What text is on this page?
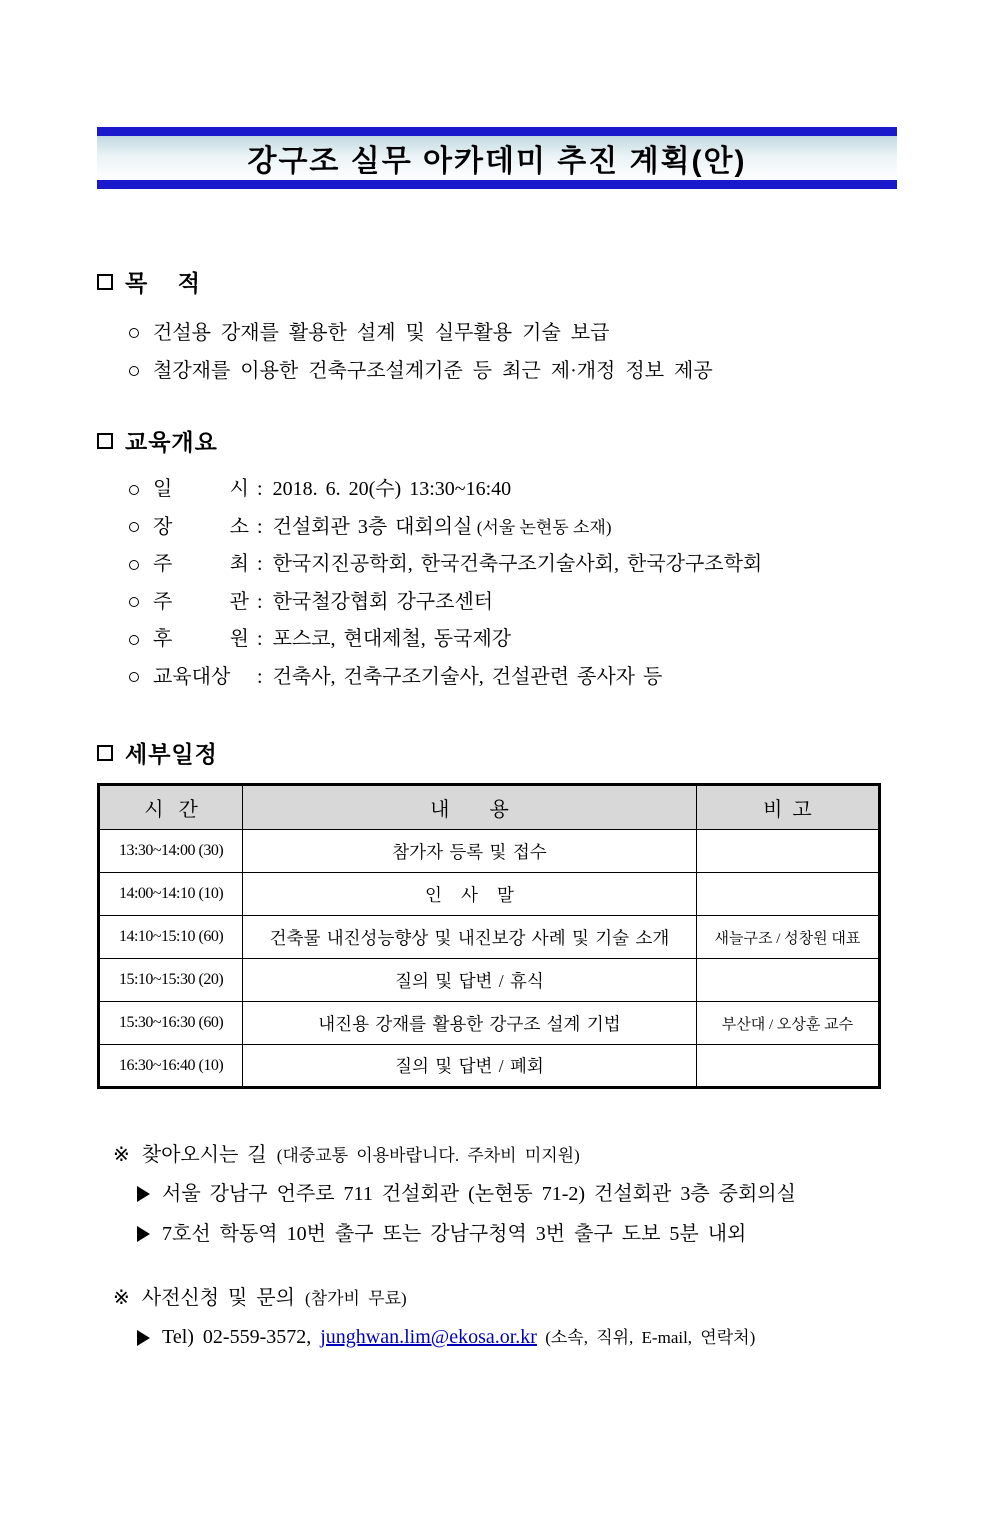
강구조 실무 아카데미 추진 계획(안)
목    적
건설용 강재를 활용한 설계 및 실무활용 기술 보급
철강재를 이용한 건축구조설계기준 등 최근 제·개정 정보 제공
교육개요
일 시 : 2018. 6. 20(수) 13:30~16:40
장 소 : 건설회관 3층 대회의실
(서울 논현동 소재)
주 최 : 한국지진공학회, 한국건축구조기술사회, 한국강구조학회
주 관 : 한국철강협회 강구조센터
후 원 : 포스코, 현대제철, 동국제강
교육대상	: 건축사, 건축구조기술사, 건설관련 종사자 등
세부일정
시   간	내        용	비  고
13:30~14:00 (30)	참가자 등록 및 접수	
14:00~14:10 (10)	인   사   말	
14:10~15:10 (60)	건축물 내진성능향상 및 내진보강 사례 및 기술 소개	새늘구조 / 성창원 대표
15:10~15:30 (20)	질의 및 답변 / 휴식	
15:30~16:30 (60)	내진용 강재를 활용한 강구조 설계 기법	부산대 / 오상훈 교수
16:30~16:40 (10)	질의 및 답변 / 폐회	
※ 찾아오시는 길 (대중교통 이용바랍니다. 주차비 미지원)
서울 강남구 언주로 711 건설회관 (논현동 71-2) 건설회관 3층 중회의실
7호선 학동역 10번 출구 또는 강남구청역 3번 출구 도보 5분 내외
※ 사전신청 및 문의 (참가비 무료)
Tel) 02-559-3572, junghwan.lim@ekosa.or.kr (소속, 직위, E-mail, 연락처)
